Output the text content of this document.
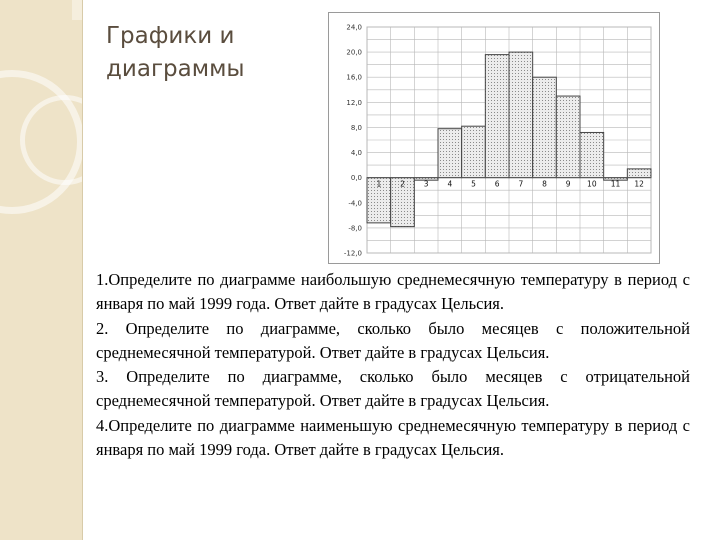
Графики и
диаграммы
24,0
20,0
16,0
12,0
8,0
4,0
0,0
-4,0
-8,0
-12,0
1	2	3	4	5	6	7	8	9 10 11 12

1.Определите по диаграмме наибольшую среднемесячную температуру в период с января по май 1999 года. Ответ дайте в градусах Цельсия.

2. Определите по диаграмме, сколько было месяцев с положительной среднемесячной температурой. Ответ дайте в градусах Цельсия.

3. Определите по диаграмме, сколько было месяцев с отрицательной среднемесячной температурой. Ответ дайте в градусах Цельсия.

4.Определите по диаграмме наименьшую среднемесячную температуру в период с января по май 1999 года. Ответ дайте в градусах Цельсия.
